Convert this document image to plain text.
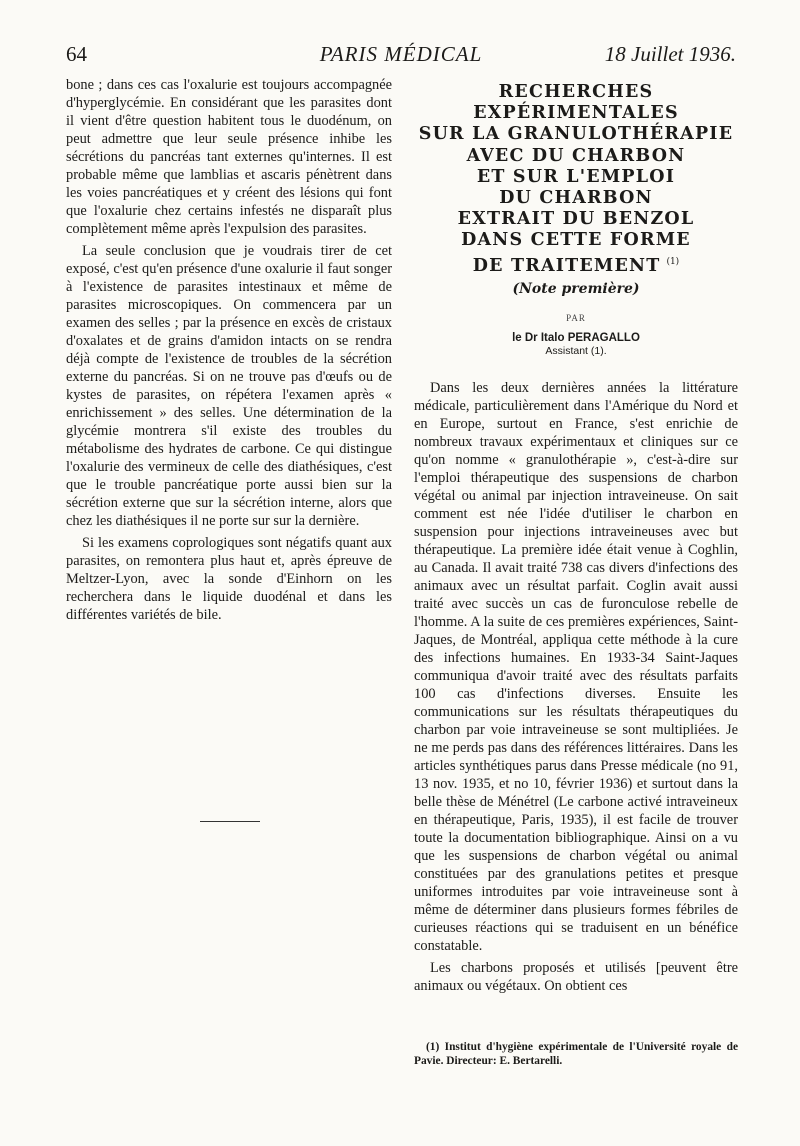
64	PARIS MÉDICAL	18 Juillet 1936.

bone ; dans ces cas l'oxalurie est toujours accompagnée d'hyperglycémie. En considérant que les parasites dont il vient d'être question habitent tous le duodénum, on peut admettre que leur seule présence inhibe les sécrétions du pancréas tant externes qu'internes. Il est probable même que lamblias et ascaris pénètrent dans les voies pancréatiques et y créent des lésions qui font que l'oxalurie chez certains infestés ne disparaît plus complètement même après l'expulsion des parasites.

La seule conclusion que je voudrais tirer de cet exposé, c'est qu'en présence d'une oxalurie il faut songer à l'existence de parasites intestinaux et même de parasites microscopiques. On commencera par un examen des selles ; par la présence en excès de cristaux d'oxalates et de grains d'amidon intacts on se rendra déjà compte de l'existence de troubles de la sécrétion externe du pancréas. Si on ne trouve pas d'œufs ou de kystes de parasites, on répétera l'examen après « enrichissement » des selles. Une détermination de la glycémie montrera s'il existe des troubles du métabolisme des hydrates de carbone. Ce qui distingue l'oxalurie des vermineux de celle des diathésiques, c'est que le trouble pancréatique porte aussi bien sur la sécrétion externe que sur la sécrétion interne, alors que chez les diathésiques il ne porte sur sur la dernière.

Si les examens coprologiques sont négatifs quant aux parasites, on remontera plus haut et, après épreuve de Meltzer-Lyon, avec la sonde d'Einhorn on les recherchera dans le liquide duodénal et dans les différentes variétés de bile.

RECHERCHES

EXPÉRIMENTALES

SUR LA GRANULOTHÉRAPIE

AVEC DU CHARBON

ET SUR L'EMPLOI

DU CHARBON

EXTRAIT DU BENZOL

DANS CETTE FORME

DE TRAITEMENT $^{(1)}$

(Note première)
PAR
le Dr Italo PERAGALLO
Assistant (1).

Dans les deux dernières années la littérature médicale, particulièrement dans l'Amérique du Nord et en Europe, surtout en France, s'est enrichie de nombreux travaux expérimentaux et cliniques sur ce qu'on nomme « granulothérapie », c'est-à-dire sur l'emploi thérapeutique des suspensions de charbon végétal ou animal par injection intraveineuse. On sait comment est née l'idée d'utiliser le charbon en suspension pour injections intraveineuses avec but thérapeutique. La première idée était venue à Coghlin, au Canada. Il avait traité 738 cas divers d'infections des animaux avec un résultat parfait. Coglin avait aussi traité avec succès un cas de furonculose rebelle de l'homme. A la suite de ces premières expériences, Saint-Jaques, de Montréal, appliqua cette méthode à la cure des infections humaines. En 1933-34 Saint-Jaques communiqua d'avoir traité avec des résultats parfaits 100 cas d'infections diverses. Ensuite les communications sur les résultats thérapeutiques du charbon par voie intraveineuse se sont multipliées. Je ne me perds pas dans des références littéraires. Dans les articles synthétiques parus dans Presse médicale (no 91, 13 nov. 1935, et no 10, février 1936) et surtout dans la belle thèse de Ménétrel (Le carbone activé intraveineux en thérapeutique, Paris, 1935), il est facile de trouver toute la documentation bibliographique. Ainsi on a vu que les suspensions de charbon végétal ou animal constituées par des granulations petites et presque uniformes introduites par voie intraveineuse sont à même de déterminer dans plusieurs formes fébriles de curieuses réactions qui se traduisent en un bénéfice constatable.

Les charbons proposés et utilisés [peuvent être animaux ou végétaux. On obtient ces

(1) Institut d'hygiène expérimentale de l'Université royale de Pavie. Directeur: E. Bertarelli.
